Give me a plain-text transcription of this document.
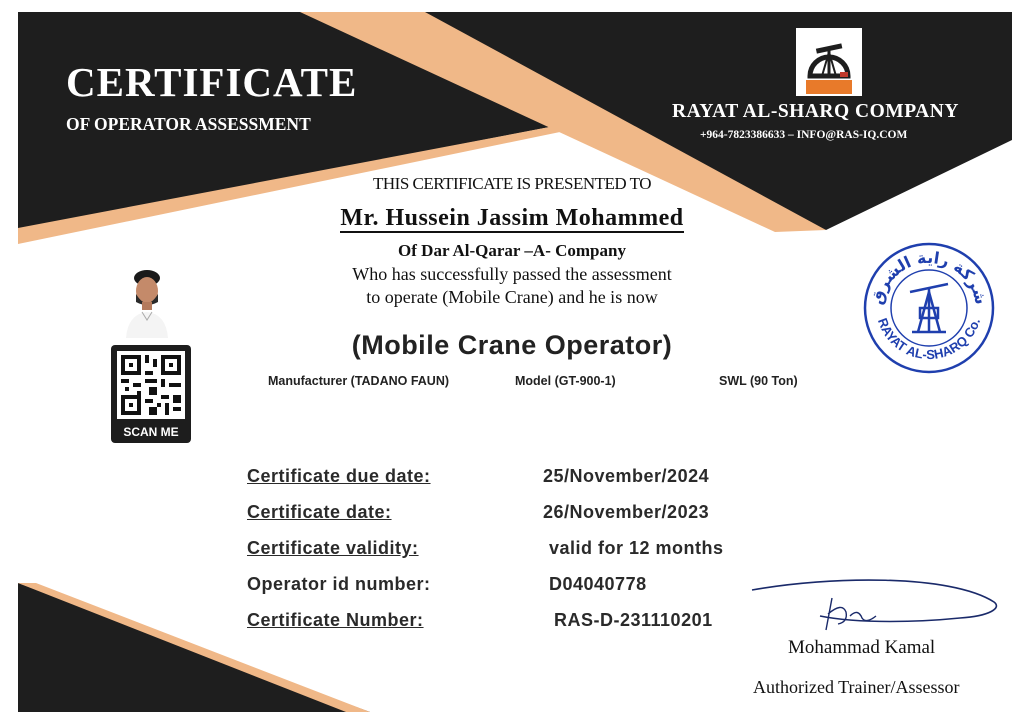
CERTIFICATE
OF OPERATOR ASSESSMENT
RAYAT AL-SHARQ COMPANY
+964-7823386633 – INFO@RAS-IQ.COM
THIS CERTIFICATE IS PRESENTED TO
Mr. Hussein Jassim Mohammed
Of Dar Al-Qarar –A- Company
Who has successfully passed the assessment
to operate (Mobile Crane) and he is now
(Mobile Crane Operator)
Manufacturer (TADANO FAUN)	Model (GT-900-1)	SWL (90 Ton)
SCAN ME
شركة راية الشرق
RAYAT AL-SHARQ Co.
Certificate due date:	25/November/2024
Certificate date:	26/November/2023
Certificate validity:	valid for 12 months
Operator id number:	D04040778
Certificate Number:	RAS-D-231110201
Mohammad Kamal
Authorized Trainer/Assessor
